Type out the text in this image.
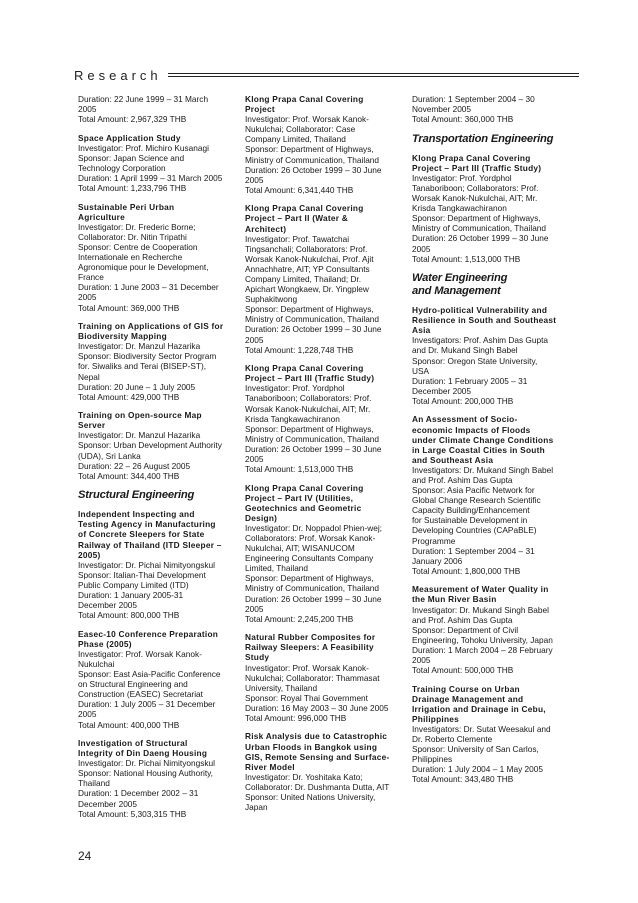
Research
Duration: 22 June 1999 – 31 March
2005
Total Amount: 2,967,329 THB
Space Application Study
Investigator: Prof. Michiro Kusanagi
Sponsor: Japan Science and
Technology Corporation
Duration: 1 April 1999 – 31 March 2005
Total Amount: 1,233,796 THB
Sustainable Peri Urban
Agriculture
Investigator: Dr. Frederic Borne;
Collaborator: Dr. Nitin Tripathi
Sponsor: Centre de Cooperation
Internationale en Recherche
Agronomique pour le Development,
France
Duration: 1 June 2003 – 31 December
2005
Total Amount: 369,000 THB
Training on Applications of GIS for
Biodiversity Mapping
Investigator: Dr. Manzul Hazarika
Sponsor: Biodiversity Sector Program
for. Siwaliks and Terai (BISEP-ST),
Nepal
Duration: 20 June – 1 July 2005
Total Amount: 429,000 THB
Training on Open-source Map
Server
Investigator: Dr. Manzul Hazarika
Sponsor: Urban Development Authority
(UDA), Sri Lanka
Duration: 22 – 26 August 2005
Total Amount: 344,400 THB
Structural Engineering
Independent Inspecting and
Testing Agency in Manufacturing
of Concrete Sleepers for State
Railway of Thailand (ITD Sleeper –
2005)
Investigator: Dr. Pichai Nimityongskul
Sponsor: Italian-Thai Development
Public Company Limited (ITD)
Duration: 1 January 2005-31
December 2005
Total Amount: 800,000 THB
Easec-10 Conference Preparation
Phase (2005)
Investigator: Prof. Worsak Kanok-
Nukulchai
Sponsor: East Asia-Pacific Conference
on Structural Engineering and
Construction (EASEC) Secretariat
Duration: 1 July 2005 – 31 December
2005
Total Amount: 400,000 THB
Investigation of Structural
Integrity of Din Daeng Housing
Investigator: Dr. Pichai Nimityongskul
Sponsor: National Housing Authority,
Thailand
Duration: 1 December 2002 – 31
December 2005
Total Amount: 5,303,315 THB
Klong Prapa Canal Covering
Project
Investigator: Prof. Worsak Kanok-
Nukulchai; Collaborator: Case
Company Limited, Thailand
Sponsor: Department of Highways,
Ministry of Communication, Thailand
Duration: 26 October 1999 – 30 June
2005
Total Amount: 6,341,440 THB
Klong Prapa Canal Covering
Project – Part II (Water &
Architect)
Investigator: Prof. Tawatchai
Tingsanchali; Collaborators: Prof.
Worsak Kanok-Nukulchai, Prof. Ajit
Annachhatre, AIT; YP Consultants
Company Limited, Thailand; Dr.
Apichart Wongkaew, Dr. Yingplew
Suphakitwong
Sponsor: Department of Highways,
Ministry of Communication, Thailand
Duration: 26 October 1999 – 30 June
2005
Total Amount: 1,228,748 THB
Klong Prapa Canal Covering
Project – Part III (Traffic Study)
Investigator: Prof. Yordphol
Tanaboriboon; Collaborators: Prof.
Worsak Kanok-Nukulchai, AIT; Mr.
Krisda Tangkawachiranon
Sponsor: Department of Highways,
Ministry of Communication, Thailand
Duration: 26 October 1999 – 30 June
2005
Total Amount: 1,513,000 THB
Klong Prapa Canal Covering
Project – Part IV (Utilities,
Geotechnics and Geometric
Design)
Investigator: Dr. Noppadol Phien-wej;
Collaborators: Prof. Worsak Kanok-
Nukulchai, AIT; WISANUCOM
Engineering Consultants Company
Limited, Thailand
Sponsor: Department of Highways,
Ministry of Communication, Thailand
Duration: 26 October 1999 – 30 June
2005
Total Amount: 2,245,200 THB
Natural Rubber Composites for
Railway Sleepers: A Feasibility
Study
Investigator: Prof. Worsak Kanok-
Nukulchai; Collaborator: Thammasat
University, Thailand
Sponsor: Royal Thai Government
Duration: 16 May 2003 – 30 June 2005
Total Amount: 996,000 THB
Risk Analysis due to Catastrophic
Urban Floods in Bangkok using
GIS, Remote Sensing and Surface-
River Model
Investigator: Dr. Yoshitaka Kato;
Collaborator: Dr. Dushmanta Dutta, AIT
Sponsor: United Nations University,
Japan
Duration: 1 September 2004 – 30
November 2005
Total Amount: 360,000 THB
Transportation Engineering
Klong Prapa Canal Covering
Project – Part III (Traffic Study)
Investigator: Prof. Yordphol
Tanaboriboon; Collaborators: Prof.
Worsak Kanok-Nukulchai, AIT; Mr.
Krisda Tangkawachiranon
Sponsor: Department of Highways,
Ministry of Communication, Thailand
Duration: 26 October 1999 – 30 June
2005
Total Amount: 1,513,000 THB
Water Engineering
and Management
Hydro-political Vulnerability and
Resilience in South and Southeast
Asia
Investigators: Prof. Ashim Das Gupta
and Dr. Mukand Singh Babel
Sponsor: Oregon State University,
USA
Duration: 1 February 2005 – 31
December 2005
Total Amount: 200,000 THB
An Assessment of Socio-
economic Impacts of Floods
under Climate Change Conditions
in Large Coastal Cities in South
and Southeast Asia
Investigators: Dr. Mukand Singh Babel
and Prof. Ashim Das Gupta
Sponsor: Asia Pacific Network for
Global Change Research Scientific
Capacity Building/Enhancement
for Sustainable Development in
Developing Countries (CAPaBLE)
Programme
Duration: 1 September 2004 – 31
January 2006
Total Amount: 1,800,000 THB
Measurement of Water Quality in
the Mun River Basin
Investigator: Dr. Mukand Singh Babel
and Prof. Ashim Das Gupta
Sponsor: Department of Civil
Engineering, Tohoku University, Japan
Duration: 1 March 2004 – 28 February
2005
Total Amount: 500,000 THB
Training Course on Urban
Drainage Management and
Irrigation and Drainage in Cebu,
Philippines
Investigators: Dr. Sutat Weesakul and
Dr. Roberto Clemente
Sponsor: University of San Carlos,
Philippines
Duration: 1 July 2004 – 1 May 2005
Total Amount: 343,480 THB
24
